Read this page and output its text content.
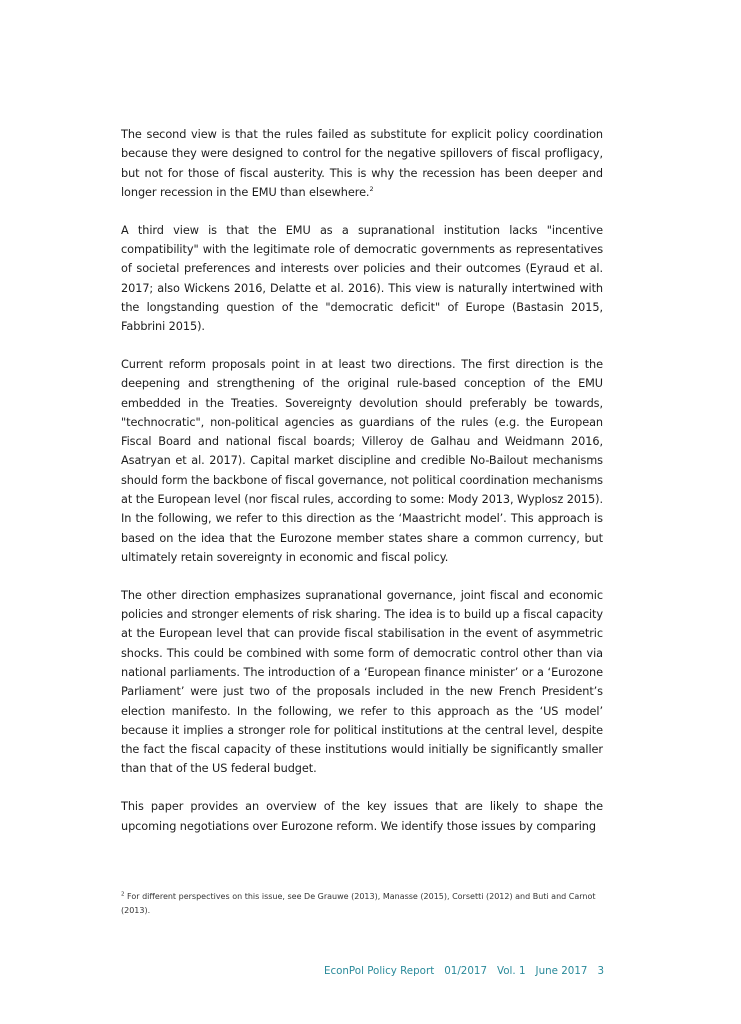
The second view is that the rules failed as substitute for explicit policy coordination because they were designed to control for the negative spillovers of fiscal profligacy, but not for those of fiscal austerity. This is why the recession has been deeper and longer recession in the EMU than elsewhere.$^2$

A third view is that the EMU as a supranational institution lacks "incentive compatibility" with the legitimate role of democratic governments as representatives of societal preferences and interests over policies and their outcomes (Eyraud et al. 2017; also Wickens 2016, Delatte et al. 2016). This view is naturally intertwined with the longstanding question of the "democratic deficit" of Europe (Bastasin 2015, Fabbrini 2015).

Current reform proposals point in at least two directions. The first direction is the deepening and strengthening of the original rule-based conception of the EMU embedded in the Treaties. Sovereignty devolution should preferably be towards, "technocratic", non-political agencies as guardians of the rules (e.g. the European Fiscal Board and national fiscal boards; Villeroy de Galhau and Weidmann 2016, Asatryan et al. 2017). Capital market discipline and credible No-Bailout mechanisms should form the backbone of fiscal governance, not political coordination mechanisms at the European level (nor fiscal rules, according to some: Mody 2013, Wyplosz 2015). In the following, we refer to this direction as the ‘Maastricht model’. This approach is based on the idea that the Eurozone member states share a common currency, but ultimately retain sovereignty in economic and fiscal policy.

The other direction emphasizes supranational governance, joint fiscal and economic policies and stronger elements of risk sharing. The idea is to build up a fiscal capacity at the European level that can provide fiscal stabilisation in the event of asymmetric shocks. This could be combined with some form of democratic control other than via national parliaments. The introduction of a ‘European finance minister’ or a ‘Eurozone Parliament’ were just two of the proposals included in the new French President’s election manifesto. In the following, we refer to this approach as the ‘US model’ because it implies a stronger role for political institutions at the central level, despite the fact the fiscal capacity of these institutions would initially be significantly smaller than that of the US federal budget.

This paper provides an overview of the key issues that are likely to shape the upcoming negotiations over Eurozone reform. We identify those issues by comparing

$^2$ For different perspectives on this issue, see De Grauwe (2013), Manasse (2015), Corsetti (2012) and Buti and Carnot (2013).
EconPol Policy Report 01/2017 Vol. 1 June 2017 3
